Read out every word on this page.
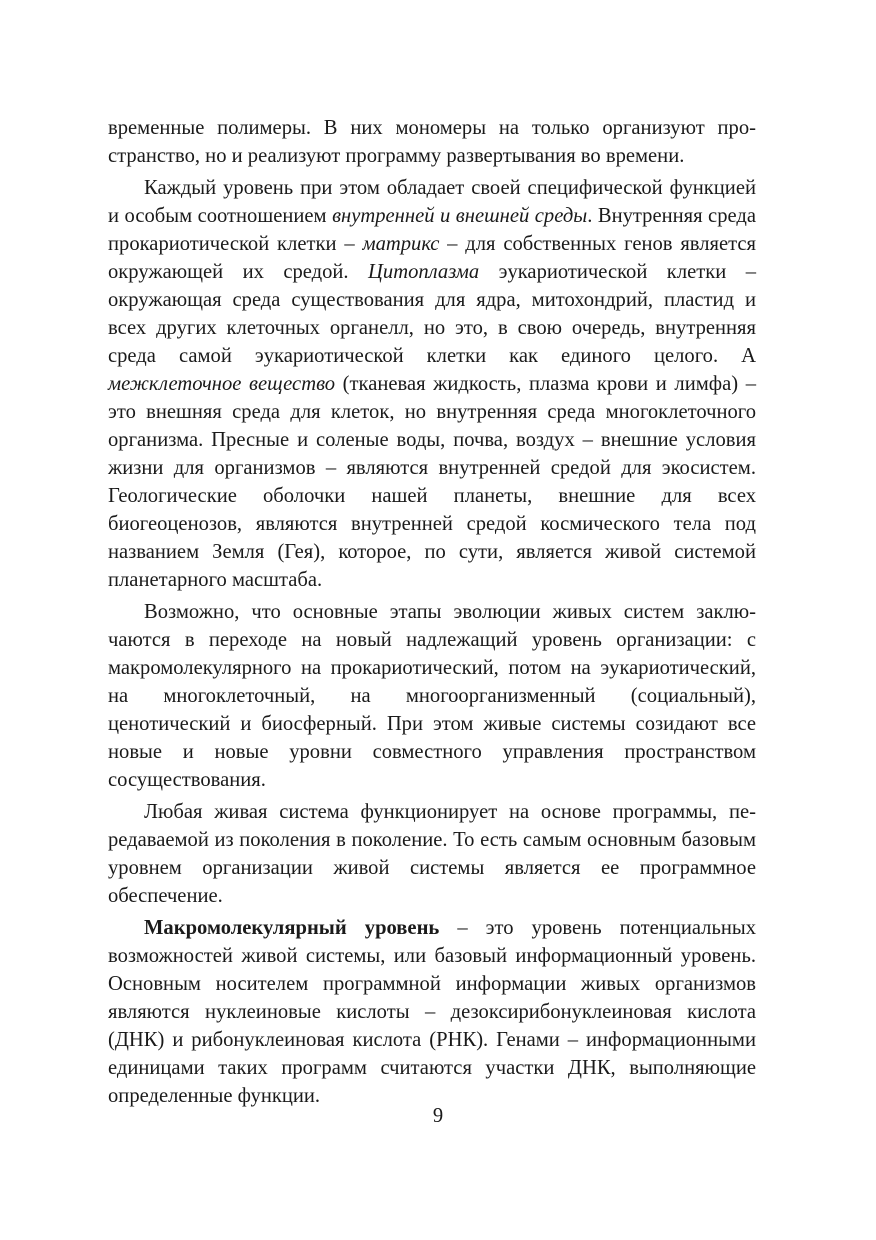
временные полимеры. В них мономеры на только организуют пространство, но и реализуют программу развертывания во времени.

Каждый уровень при этом обладает своей специфической функцией и особым соотношением внутренней и внешней среды. Внутренняя среда прокариотической клетки – матрикс – для собственных генов является окружающей их средой. Цитоплазма эукариотической клетки – окружающая среда существования для ядра, митохондрий, пластид и всех других клеточных органелл, но это, в свою очередь, внутренняя среда самой эукариотической клетки как единого целого. А межклеточное вещество (тканевая жидкость, плазма крови и лимфа) – это внешняя среда для клеток, но внутренняя среда многоклеточного организма. Пресные и соленые воды, почва, воздух – внешние условия жизни для организмов – являются внутренней средой для экосистем. Геологические оболочки нашей планеты, внешние для всех биогеоценозов, являются внутренней средой космического тела под названием Земля (Гея), которое, по сути, является живой системой планетарного масштаба.

Возможно, что основные этапы эволюции живых систем заключаются в переходе на новый надлежащий уровень организации: с макромолекулярного на прокариотический, потом на эукариотический, на многоклеточный, на многоорганизменный (социальный), ценотический и биосферный. При этом живые системы созидают все новые и новые уровни совместного управления пространством сосуществования.

Любая живая система функционирует на основе программы, передаваемой из поколения в поколение. То есть самым основным базовым уровнем организации живой системы является ее программное обеспечение.

Макромолекулярный уровень – это уровень потенциальных возможностей живой системы, или базовый информационный уровень. Основным носителем программной информации живых организмов являются нуклеиновые кислоты – дезоксирибонуклеиновая кислота (ДНК) и рибонуклеиновая кислота (РНК). Генами – информационными единицами таких программ считаются участки ДНК, выполняющие определенные функции.

9
